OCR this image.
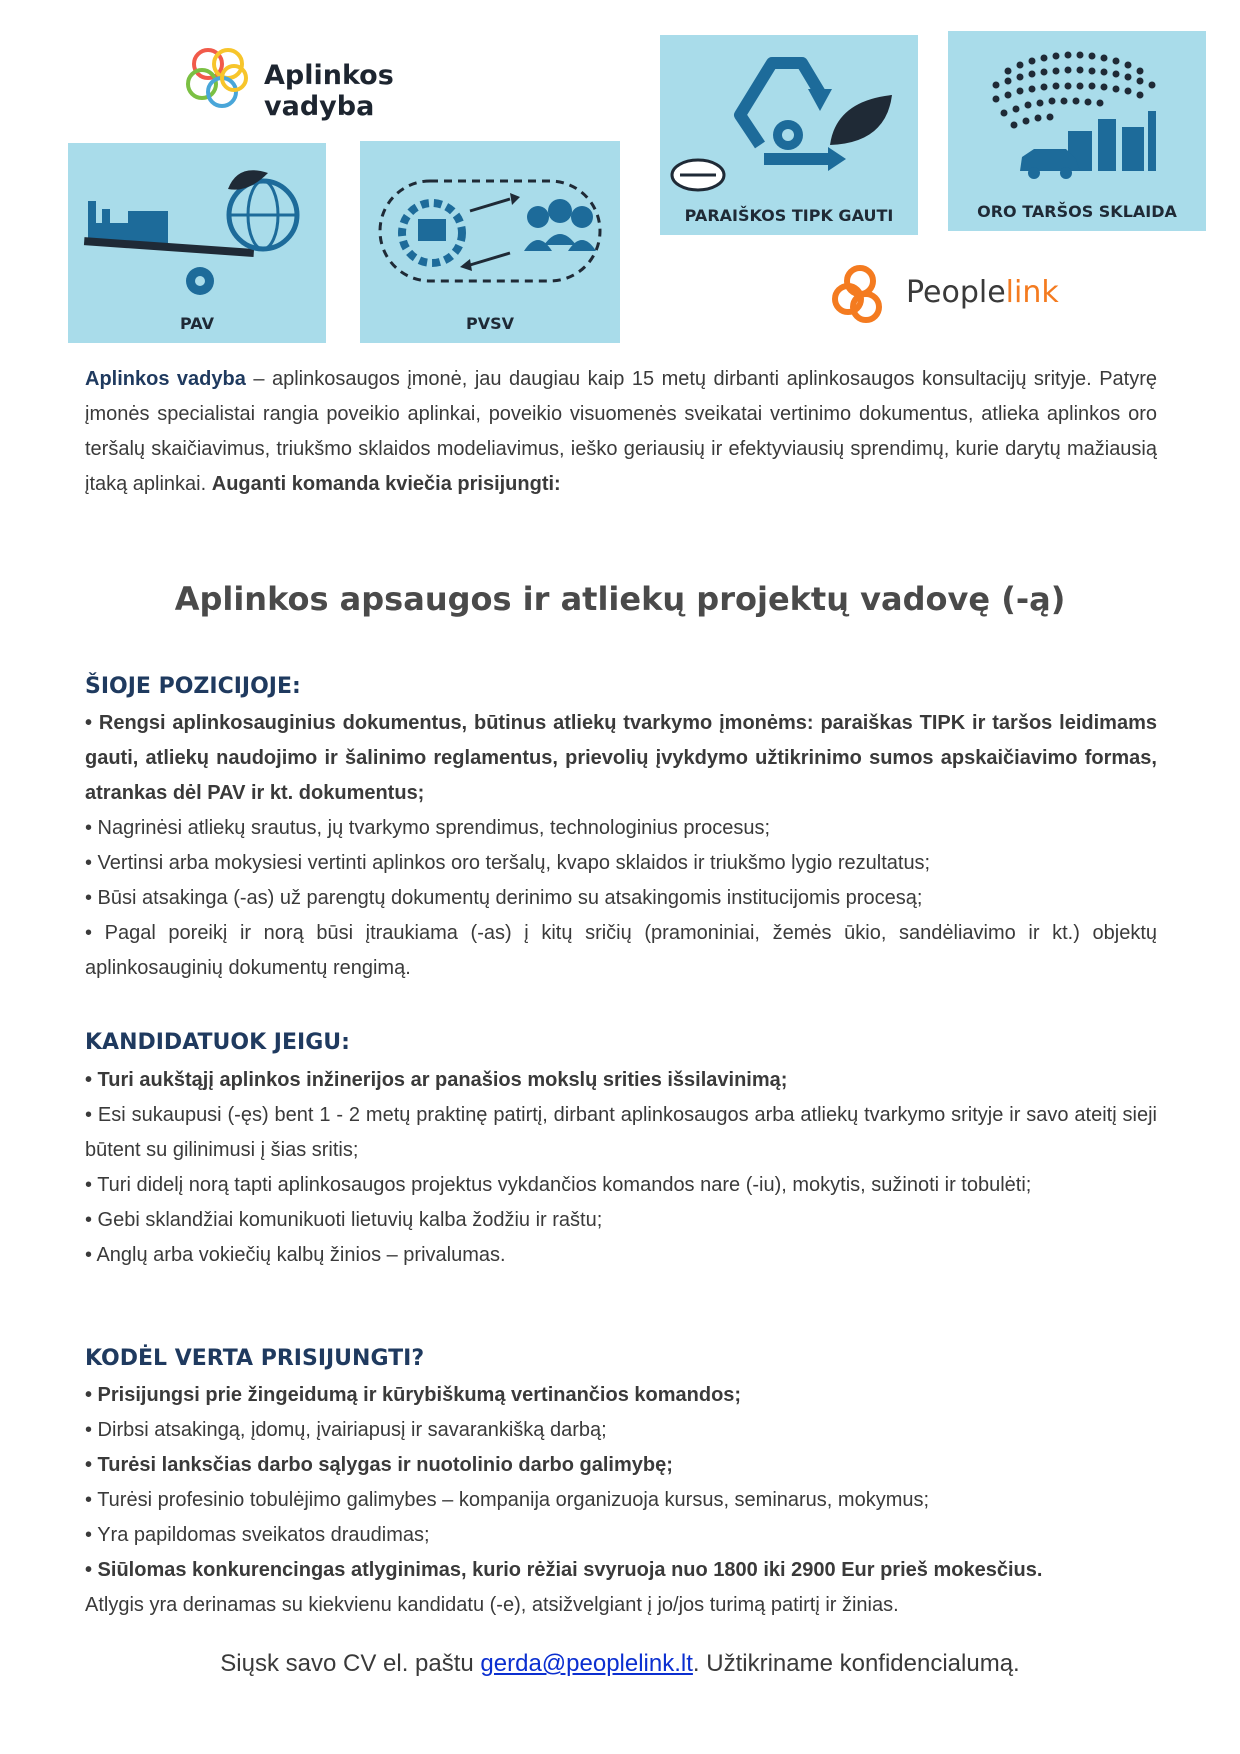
Aplinkos vadyba
PAV	PVSV
PARAIŠKOS TIPK GAUTI	ORO TARŠOS SKLAIDA
Peoplelink
Aplinkos vadyba – aplinkosaugos įmonė, jau daugiau kaip 15 metų dirbanti aplinkosaugos konsultacijų srityje. Patyrę įmonės specialistai rangia poveikio aplinkai, poveikio visuomenės sveikatai vertinimo dokumentus, atlieka aplinkos oro teršalų skaičiavimus, triukšmo sklaidos modeliavimus, ieško geriausių ir efektyviausių sprendimų, kurie darytų mažiausią įtaką aplinkai. Auganti komanda kviečia prisijungti:
Aplinkos apsaugos ir atliekų projektų vadovę (-ą)
ŠIOJE POZICIJOJE:

• Rengsi aplinkosauginius dokumentus, būtinus atliekų tvarkymo įmonėms: paraiškas TIPK ir taršos leidimams gauti, atliekų naudojimo ir šalinimo reglamentus, prievolių įvykdymo užtikrinimo sumos apskaičiavimo formas, atrankas dėl PAV ir kt. dokumentus;

• Nagrinėsi atliekų srautus, jų tvarkymo sprendimus, technologinius procesus;

• Vertinsi arba mokysiesi vertinti aplinkos oro teršalų, kvapo sklaidos ir triukšmo lygio rezultatus;

• Būsi atsakinga (-as) už parengtų dokumentų derinimo su atsakingomis institucijomis procesą;

• Pagal poreikį ir norą būsi įtraukiama (-as) į kitų sričių (pramoniniai, žemės ūkio, sandėliavimo ir kt.) objektų aplinkosauginių dokumentų rengimą.

KANDIDATUOK JEIGU:

• Turi aukštąjį aplinkos inžinerijos ar panašios mokslų srities išsilavinimą;

• Esi sukaupusi (-ęs) bent 1 - 2 metų praktinę patirtį, dirbant aplinkosaugos arba atliekų tvarkymo srityje ir savo ateitį sieji būtent su gilinimusi į šias sritis;

• Turi didelį norą tapti aplinkosaugos projektus vykdančios komandos nare (-iu), mokytis, sužinoti ir tobulėti;

• Gebi sklandžiai komunikuoti lietuvių kalba žodžiu ir raštu;

• Anglų arba vokiečių kalbų žinios – privalumas.

KODĖL VERTA PRISIJUNGTI?

• Prisijungsi prie žingeidumą ir kūrybiškumą vertinančios komandos;

• Dirbsi atsakingą, įdomų, įvairiapusį ir savarankišką darbą;

• Turėsi lanksčias darbo sąlygas ir nuotolinio darbo galimybę;

• Turėsi profesinio tobulėjimo galimybes – kompanija organizuoja kursus, seminarus, mokymus;

• Yra papildomas sveikatos draudimas;

• Siūlomas konkurencingas atlyginimas, kurio rėžiai svyruoja nuo 1800 iki 2900 Eur prieš mokesčius.

Atlygis yra derinamas su kiekvienu kandidatu (-e), atsižvelgiant į jo/jos turimą patirtį ir žinias.

Siųsk savo CV el. paštu gerda@peoplelink.lt. Užtikriname konfidencialumą.
